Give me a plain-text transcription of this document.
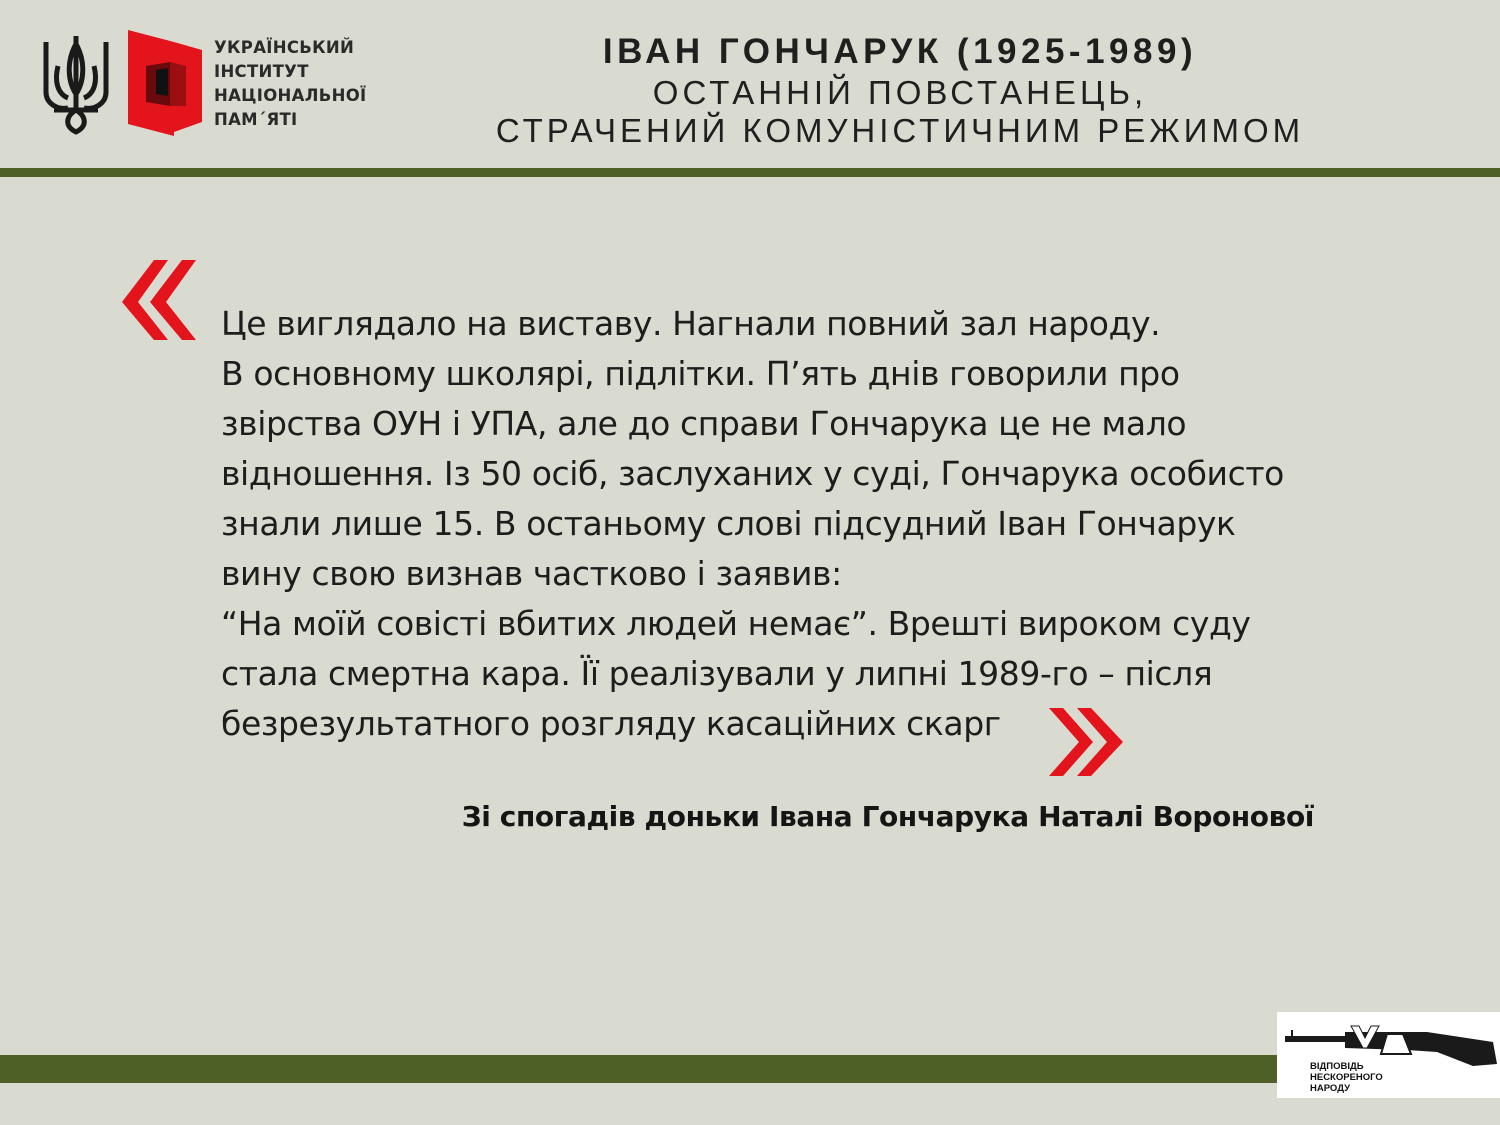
УКРАЇНСЬКИЙ
ІНСТИТУТ
НАЦІОНАЛЬНОЇ
ПАМ´ЯТІ
ІВАН ГОНЧАРУК (1925-1989)
ОСТАННІЙ ПОВСТАНЕЦЬ,
СТРАЧЕНИЙ КОМУНІСТИЧНИМ РЕЖИМОМ
Це виглядало на виставу. Нагнали повний зал народу.
В основному школярі, підлітки. П’ять днів говорили про
звірства ОУН і УПА, але до справи Гончарука це не мало
відношення. Із 50 осіб, заслуханих у суді, Гончарука особисто
знали лише 15. В останьому слові підсудний Іван Гончарук
вину свою визнав частково і заявив:
“На моїй совісті вбитих людей немає”. Врешті вироком суду
стала смертна кара. Її реалізували у липні 1989-го – після
безрезультатного розгляду касаційних скарг
Зі спогадів доньки Івана Гончарука Наталі Воронової
ВІДПОВІДЬ
НЕСКОРЕНОГО
НАРОДУ
